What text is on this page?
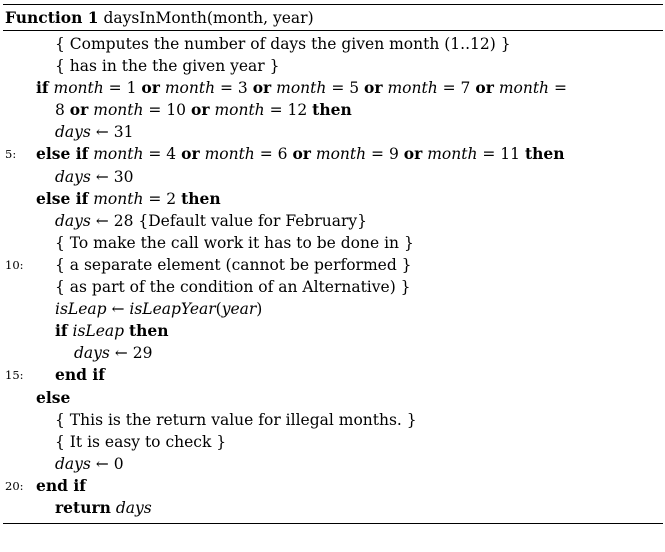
Function 1 daysInMonth(month, year)
{ Computes the number of days the given month (1..12) }
{ has in the the given year }
if month = 1 or month = 3 or month = 5 or month = 7 or month =
8 or month = 10 or month = 12 then
days ← 31
5: else if month = 4 or month = 6 or month = 9 or month = 11 then
days ← 30
else if month = 2 then
days ← 28 {Default value for February}
{ To make the call work it has to be done in }
10: { a separate element (cannot be performed }
{ as part of the condition of an Alternative) }
isLeap ← isLeapYear(year)
if isLeap then
days ← 29
15: end if
else
{ This is the return value for illegal months. }
{ It is easy to check }
days ← 0
20: end if
return days
